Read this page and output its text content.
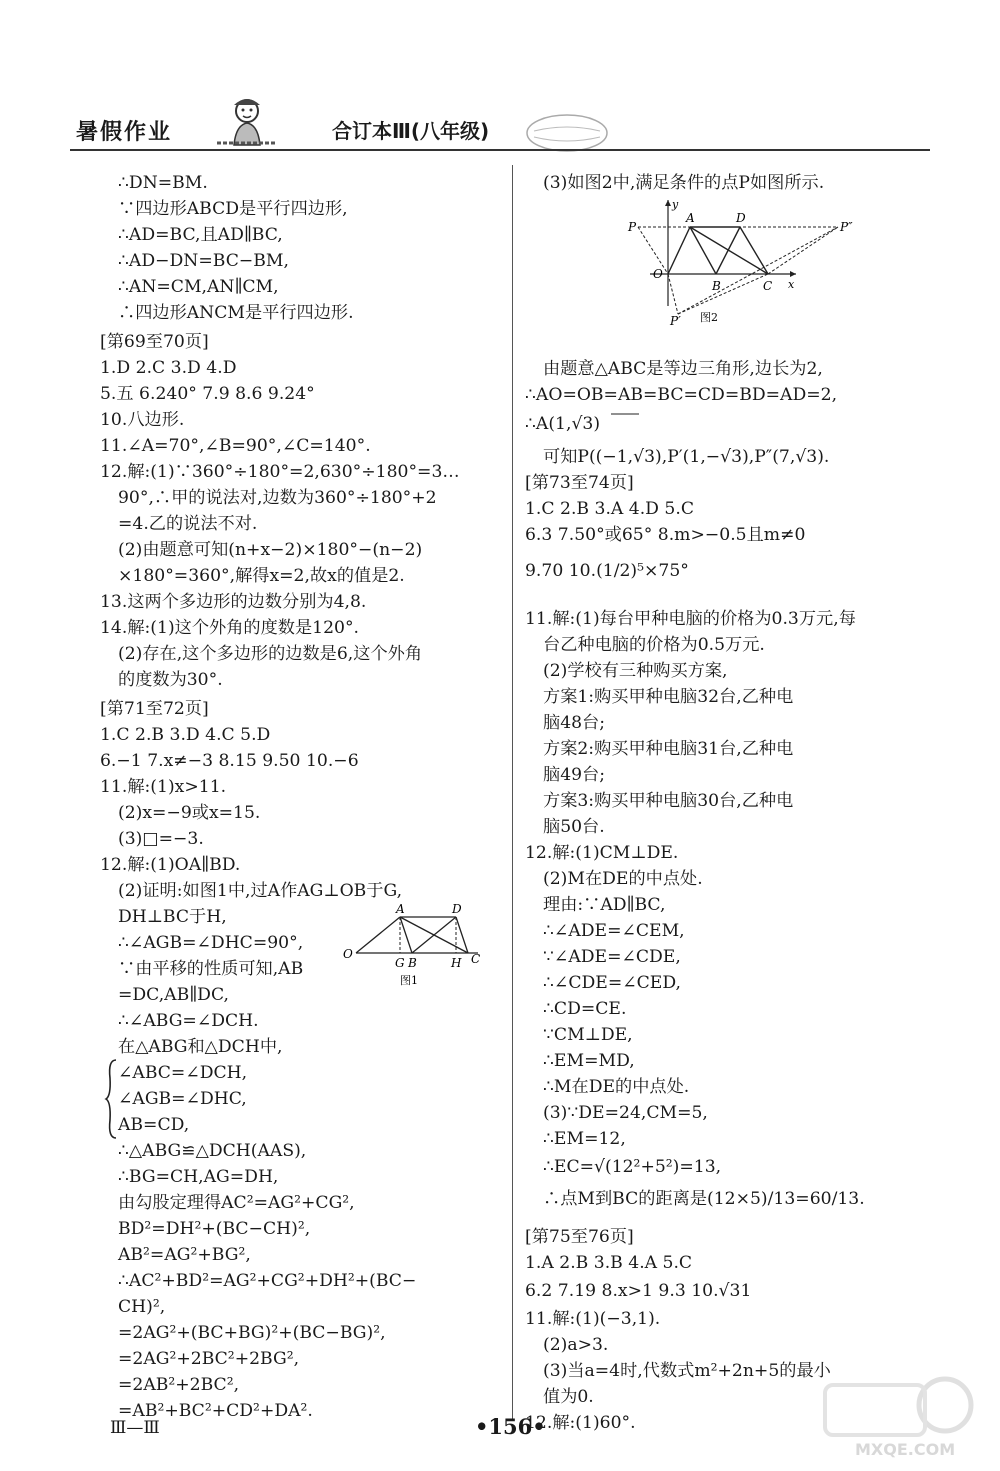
暑假作业	合订本Ⅲ(八年级)
∴DN=BM.
∵四边形ABCD是平行四边形,
∴AD=BC,且AD∥BC,
∴AD−DN=BC−BM,
∴AN=CM,AN∥CM,
∴四边形ANCM是平行四边形.
[第69至70页]
1.D 2.C 3.D 4.D
5.五 6.240° 7.9 8.6 9.24°
10.八边形.
11.∠A=70°,∠B=90°,∠C=140°.
12.解:(1)∵360°÷180°=2,630°÷180°=3…
90°,∴甲的说法对,边数为360°÷180°+2
=4.乙的说法不对.
(2)由题意可知(n+x−2)×180°−(n−2)
×180°=360°,解得x=2,故x的值是2.
13.这两个多边形的边数分别为4,8.
14.解:(1)这个外角的度数是120°.
(2)存在,这个多边形的边数是6,这个外角
的度数为30°.
[第71至72页]
1.C 2.B 3.D 4.C 5.D
6.−1 7.x≠−3 8.15 9.50 10.−6
11.解:(1)x>11.
(2)x=−9或x=15.
(3)□=−3.
12.解:(1)OA∥BD.
(2)证明:如图1中,过A作AG⊥OB于G,
DH⊥BC于H,
∴∠AGB=∠DHC=90°,
∵由平移的性质可知,AB
=DC,AB∥DC,
∴∠ABG=∠DCH.
在△ABG和△DCH中,
∠ABC=∠DCH,
∠AGB=∠DHC,
AB=CD,
∴△ABG≌△DCH(AAS),
∴BG=CH,AG=DH,
由勾股定理得AC²=AG²+CG²,
BD²=DH²+(BC−CH)²,
AB²=AG²+BG²,
∴AC²+BD²=AG²+CG²+DH²+(BC−
CH)²,
=2AG²+(BC+BG)²+(BC−BG)²,
=2AG²+2BC²+2BG²,
=2AB²+2BC²,
=AB²+BC²+CD²+DA².
A	D
O
G B	H C
图1
(3)如图2中,满足条件的点P如图所示.
由题意△ABC是等边三角形,边长为2,
∴AO=OB=AB=BC=CD=BD=AD=2,
∴A(1,√3)
可知P((−1,√3),P′(1,−√3),P″(7,√3).
[第73至74页]
1.C 2.B 3.A 4.D 5.C
6.3 7.50°或65° 8.m>−0.5且m≠0
9.70 10.(1/2)⁵×75°
11.解:(1)每台甲种电脑的价格为0.3万元,每
台乙种电脑的价格为0.5万元.
(2)学校有三种购买方案,
方案1:购买甲种电脑32台,乙种电
脑48台;
方案2:购买甲种电脑31台,乙种电
脑49台;
方案3:购买甲种电脑30台,乙种电
脑50台.
12.解:(1)CM⊥DE.
(2)M在DE的中点处.
理由:∵AD∥BC,
∴∠ADE=∠CEM,
∵∠ADE=∠CDE,
∴∠CDE=∠CED,
∴CD=CE.
∵CM⊥DE,
∴EM=MD,
∴M在DE的中点处.
(3)∵DE=24,CM=5,
∴EM=12,
∴EC=√(12²+5²)=13,
∴点M到BC的距离是(12×5)/13=60/13.
[第75至76页]
1.A 2.B 3.B 4.A 5.C
6.2 7.19 8.x>1 9.3 10.√31
11.解:(1)(−3,1).
(2)a>3.
(3)当a=4时,代数式m²+2n+5的最小
值为0.
12.解:(1)60°.
y
P
A	D
P″
O
B	C x
P′ 图2
Ⅲ—Ⅲ	•156•
MXQE.COM
